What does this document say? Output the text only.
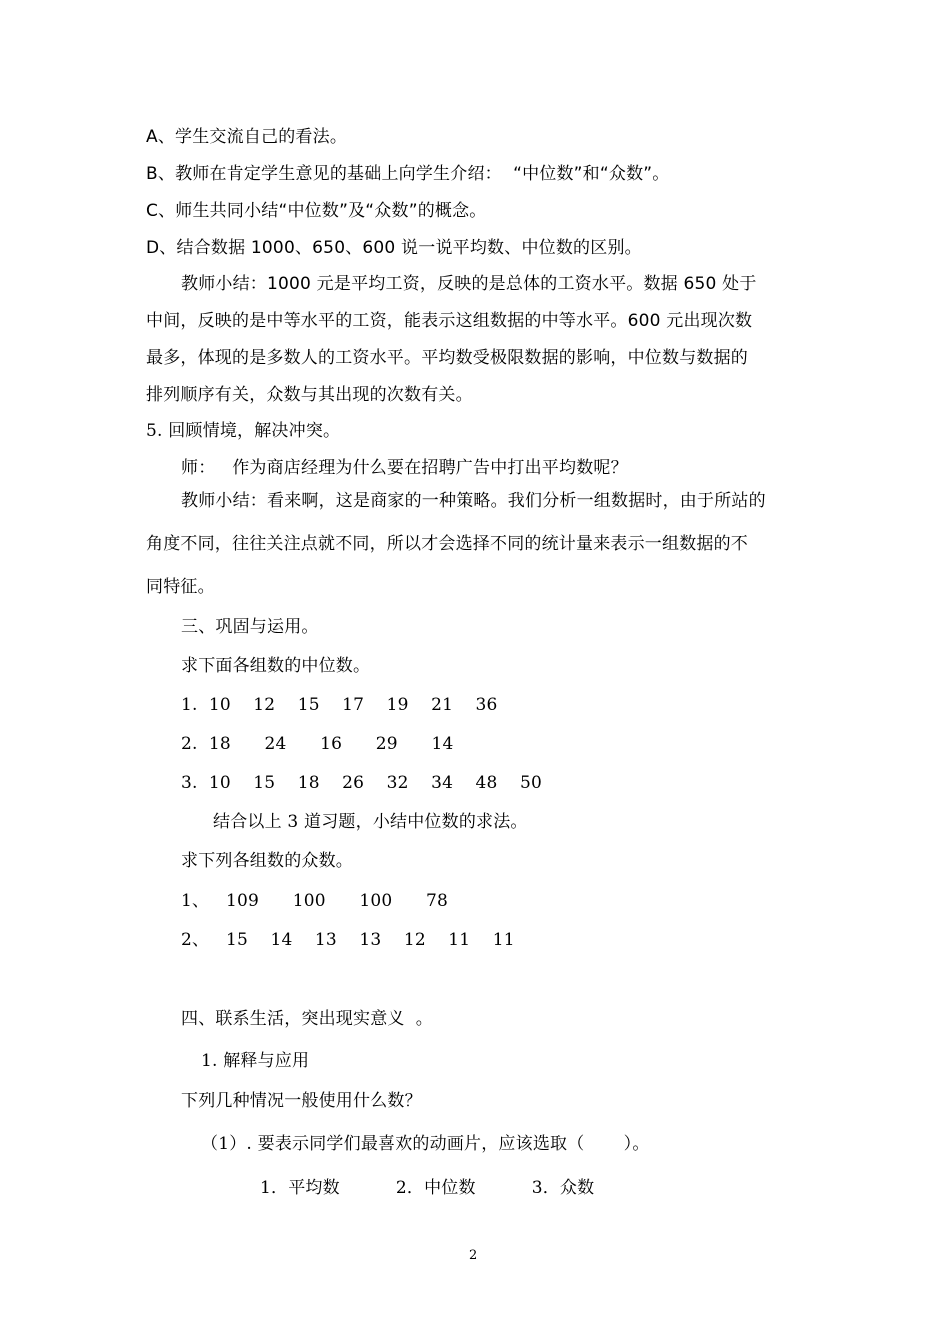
A、学生交流自己的看法。
B、教师在肯定学生意见的基础上向学生介绍：  “中位数”和“众数”。
C、师生共同小结“中位数”及“众数”的概念。
D、结合数据 1000、650、600 说一说平均数、中位数的区别。
教师小结：1000 元是平均工资，反映的是总体的工资水平。数据 650 处于
中间，反映的是中等水平的工资，能表示这组数据的中等水平。600 元出现次数
最多，体现的是多数人的工资水平。平均数受极限数据的影响，中位数与数据的
排列顺序有关，众数与其出现的次数有关。
5. 回顾情境，解决冲突。
师：   作为商店经理为什么要在招聘广告中打出平均数呢？
教师小结：看来啊，这是商家的一种策略。我们分析一组数据时，由于所站的
角度不同，往往关注点就不同，所以才会选择不同的统计量来表示一组数据的不
同特征。
三、巩固与运用。
求下面各组数的中位数。
1.  10    12    15    17    19    21    36
2.  18      24      16      29      14
3.  10    15    18    26    32    34    48    50
结合以上 3 道习题，小结中位数的求法。
求下列各组数的众数。
1、   109      100      100      78
2、   15    14    13    13    12    11    11
四、联系生活，突出现实意义  。
1. 解释与应用
下列几种情况一般使用什么数？
（1）. 要表示同学们最喜欢的动画片，应该选取（       ）。
1．平均数          2．中位数          3．众数
2
